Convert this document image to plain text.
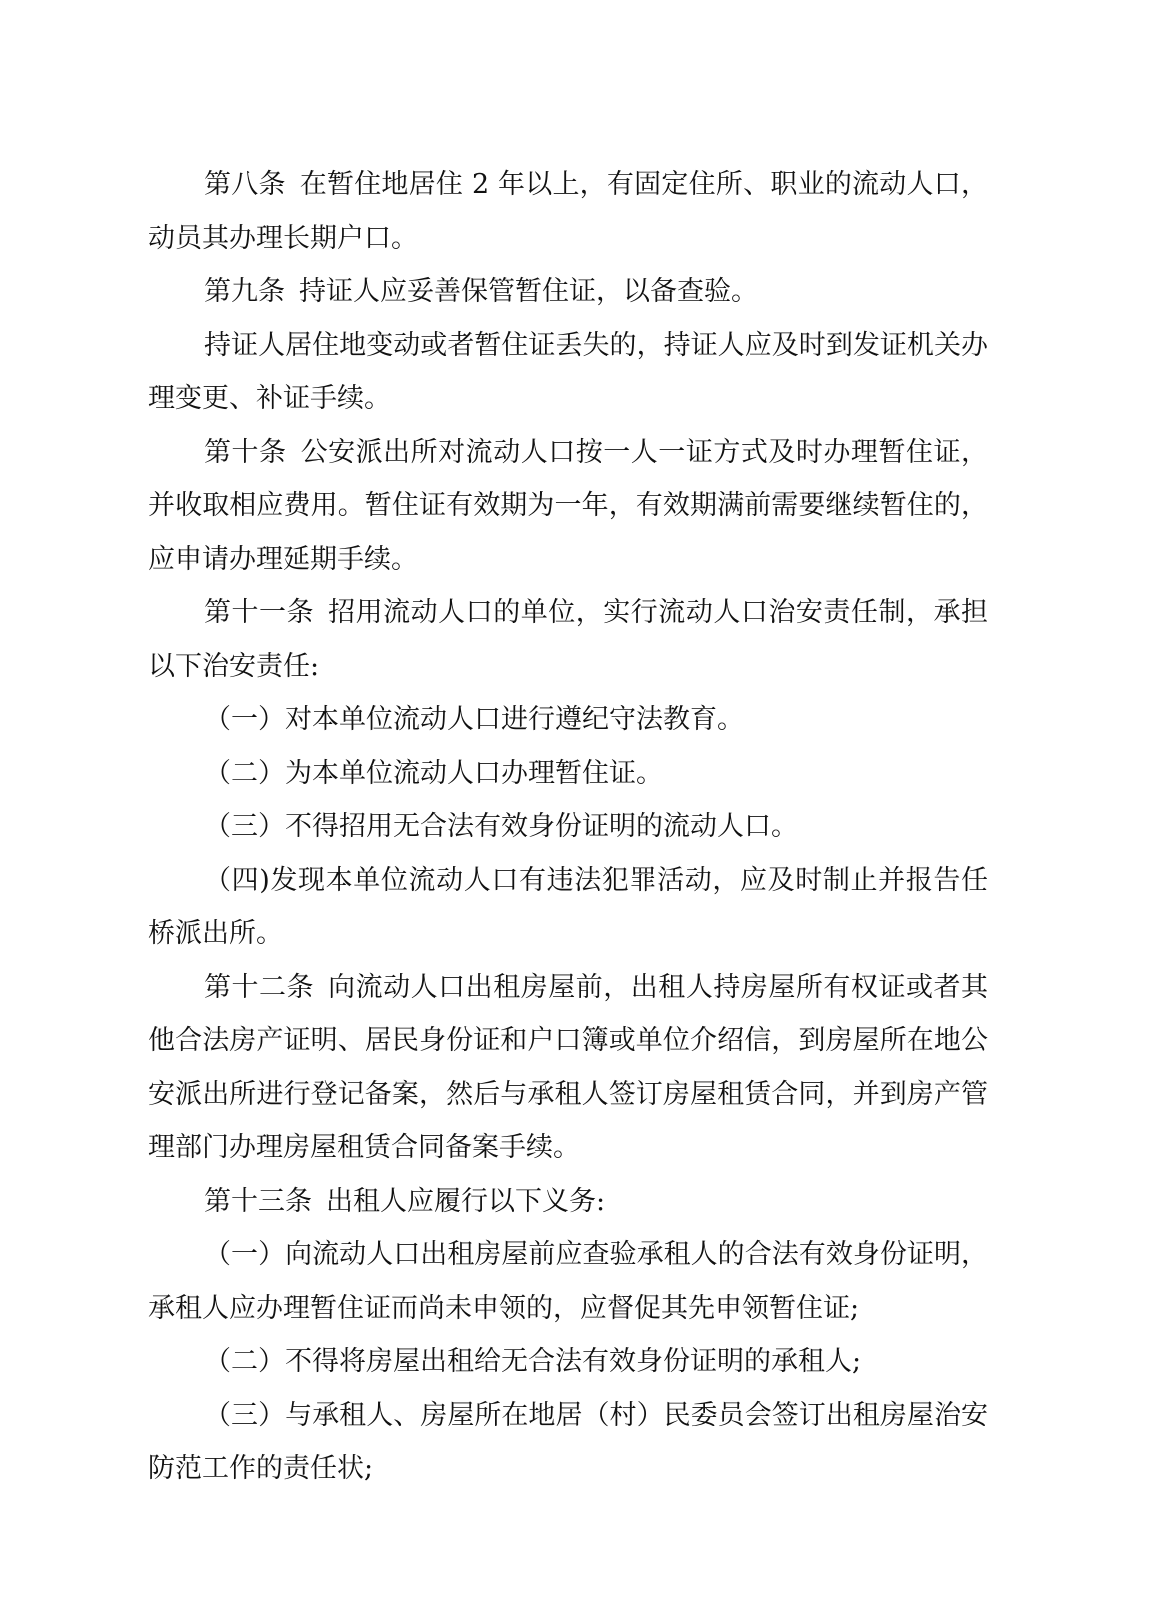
第八条 在暂住地居住 2 年以上，有固定住所、职业的流动人口，动员其办理长期户口。

第九条 持证人应妥善保管暂住证，以备查验。

持证人居住地变动或者暂住证丢失的，持证人应及时到发证机关办理变更、补证手续。

第十条 公安派出所对流动人口按一人一证方式及时办理暂住证，并收取相应费用。暂住证有效期为一年，有效期满前需要继续暂住的，应申请办理延期手续。

第十一条 招用流动人口的单位，实行流动人口治安责任制，承担以下治安责任:

（一）对本单位流动人口进行遵纪守法教育。

（二）为本单位流动人口办理暂住证。

（三）不得招用无合法有效身份证明的流动人口。

（四)发现本单位流动人口有违法犯罪活动，应及时制止并报告任桥派出所。

第十二条 向流动人口出租房屋前，出租人持房屋所有权证或者其他合法房产证明、居民身份证和户口簿或单位介绍信，到房屋所在地公安派出所进行登记备案，然后与承租人签订房屋租赁合同，并到房产管理部门办理房屋租赁合同备案手续。

第十三条 出租人应履行以下义务:

（一）向流动人口出租房屋前应查验承租人的合法有效身份证明，承租人应办理暂住证而尚未申领的，应督促其先申领暂住证;

（二）不得将房屋出租给无合法有效身份证明的承租人;

（三）与承租人、房屋所在地居（村）民委员会签订出租房屋治安防范工作的责任状;
